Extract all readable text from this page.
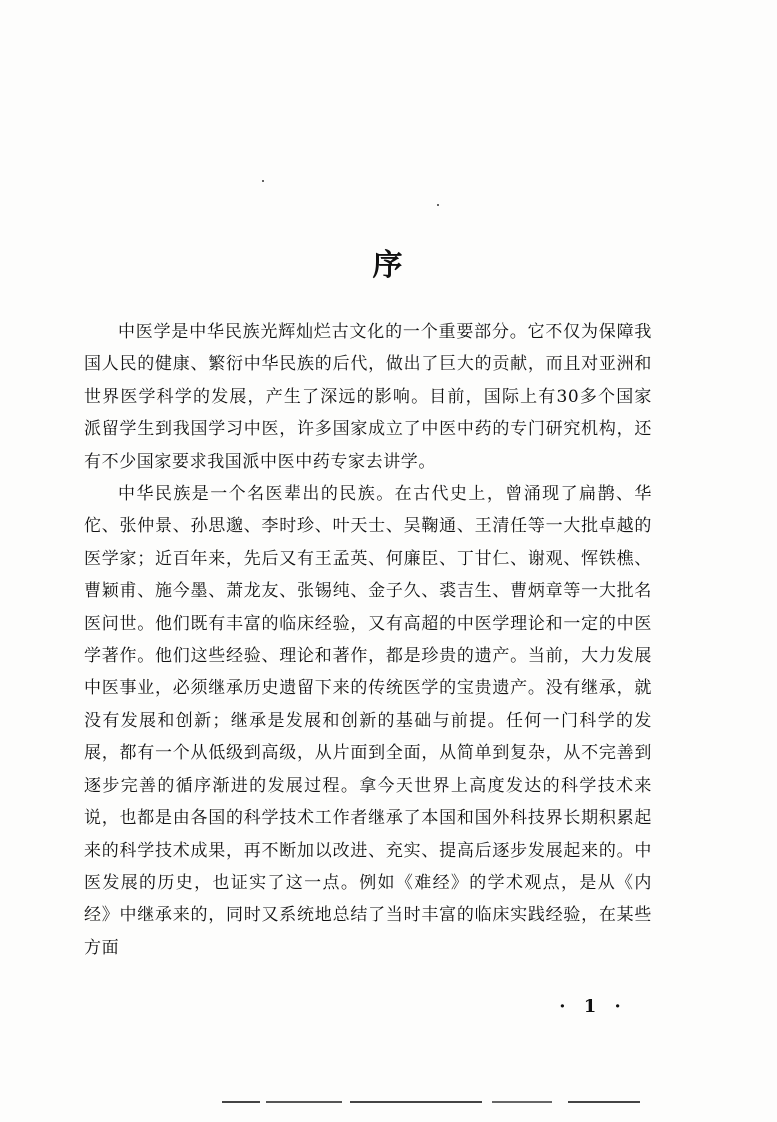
序

中医学是中华民族光辉灿烂古文化的一个重要部分。它不仅为保障我国人民的健康、繁衍中华民族的后代，做出了巨大的贡献，而且对亚洲和世界医学科学的发展，产生了深远的影响。目前，国际上有30多个国家派留学生到我国学习中医，许多国家成立了中医中药的专门研究机构，还有不少国家要求我国派中医中药专家去讲学。

中华民族是一个名医辈出的民族。在古代史上，曾涌现了扁鹊、华佗、张仲景、孙思邈、李时珍、叶天士、吴鞠通、王清任等一大批卓越的医学家；近百年来，先后又有王孟英、何廉臣、丁甘仁、谢观、恽铁樵、曹颖甫、施今墨、萧龙友、张锡纯、金子久、裘吉生、曹炳章等一大批名医问世。他们既有丰富的临床经验，又有高超的中医学理论和一定的中医学著作。他们这些经验、理论和著作，都是珍贵的遗产。当前，大力发展中医事业，必须继承历史遗留下来的传统医学的宝贵遗产。没有继承，就没有发展和创新；继承是发展和创新的基础与前提。任何一门科学的发展，都有一个从低级到高级，从片面到全面，从简单到复杂，从不完善到逐步完善的循序渐进的发展过程。拿今天世界上高度发达的科学技术来说，也都是由各国的科学技术工作者继承了本国和国外科技界长期积累起来的科学技术成果，再不断加以改进、充实、提高后逐步发展起来的。中医发展的历史，也证实了这一点。例如《难经》的学术观点，是从《内经》中继承来的，同时又系统地总结了当时丰富的临床实践经验，在某些方面

· 1 ·
